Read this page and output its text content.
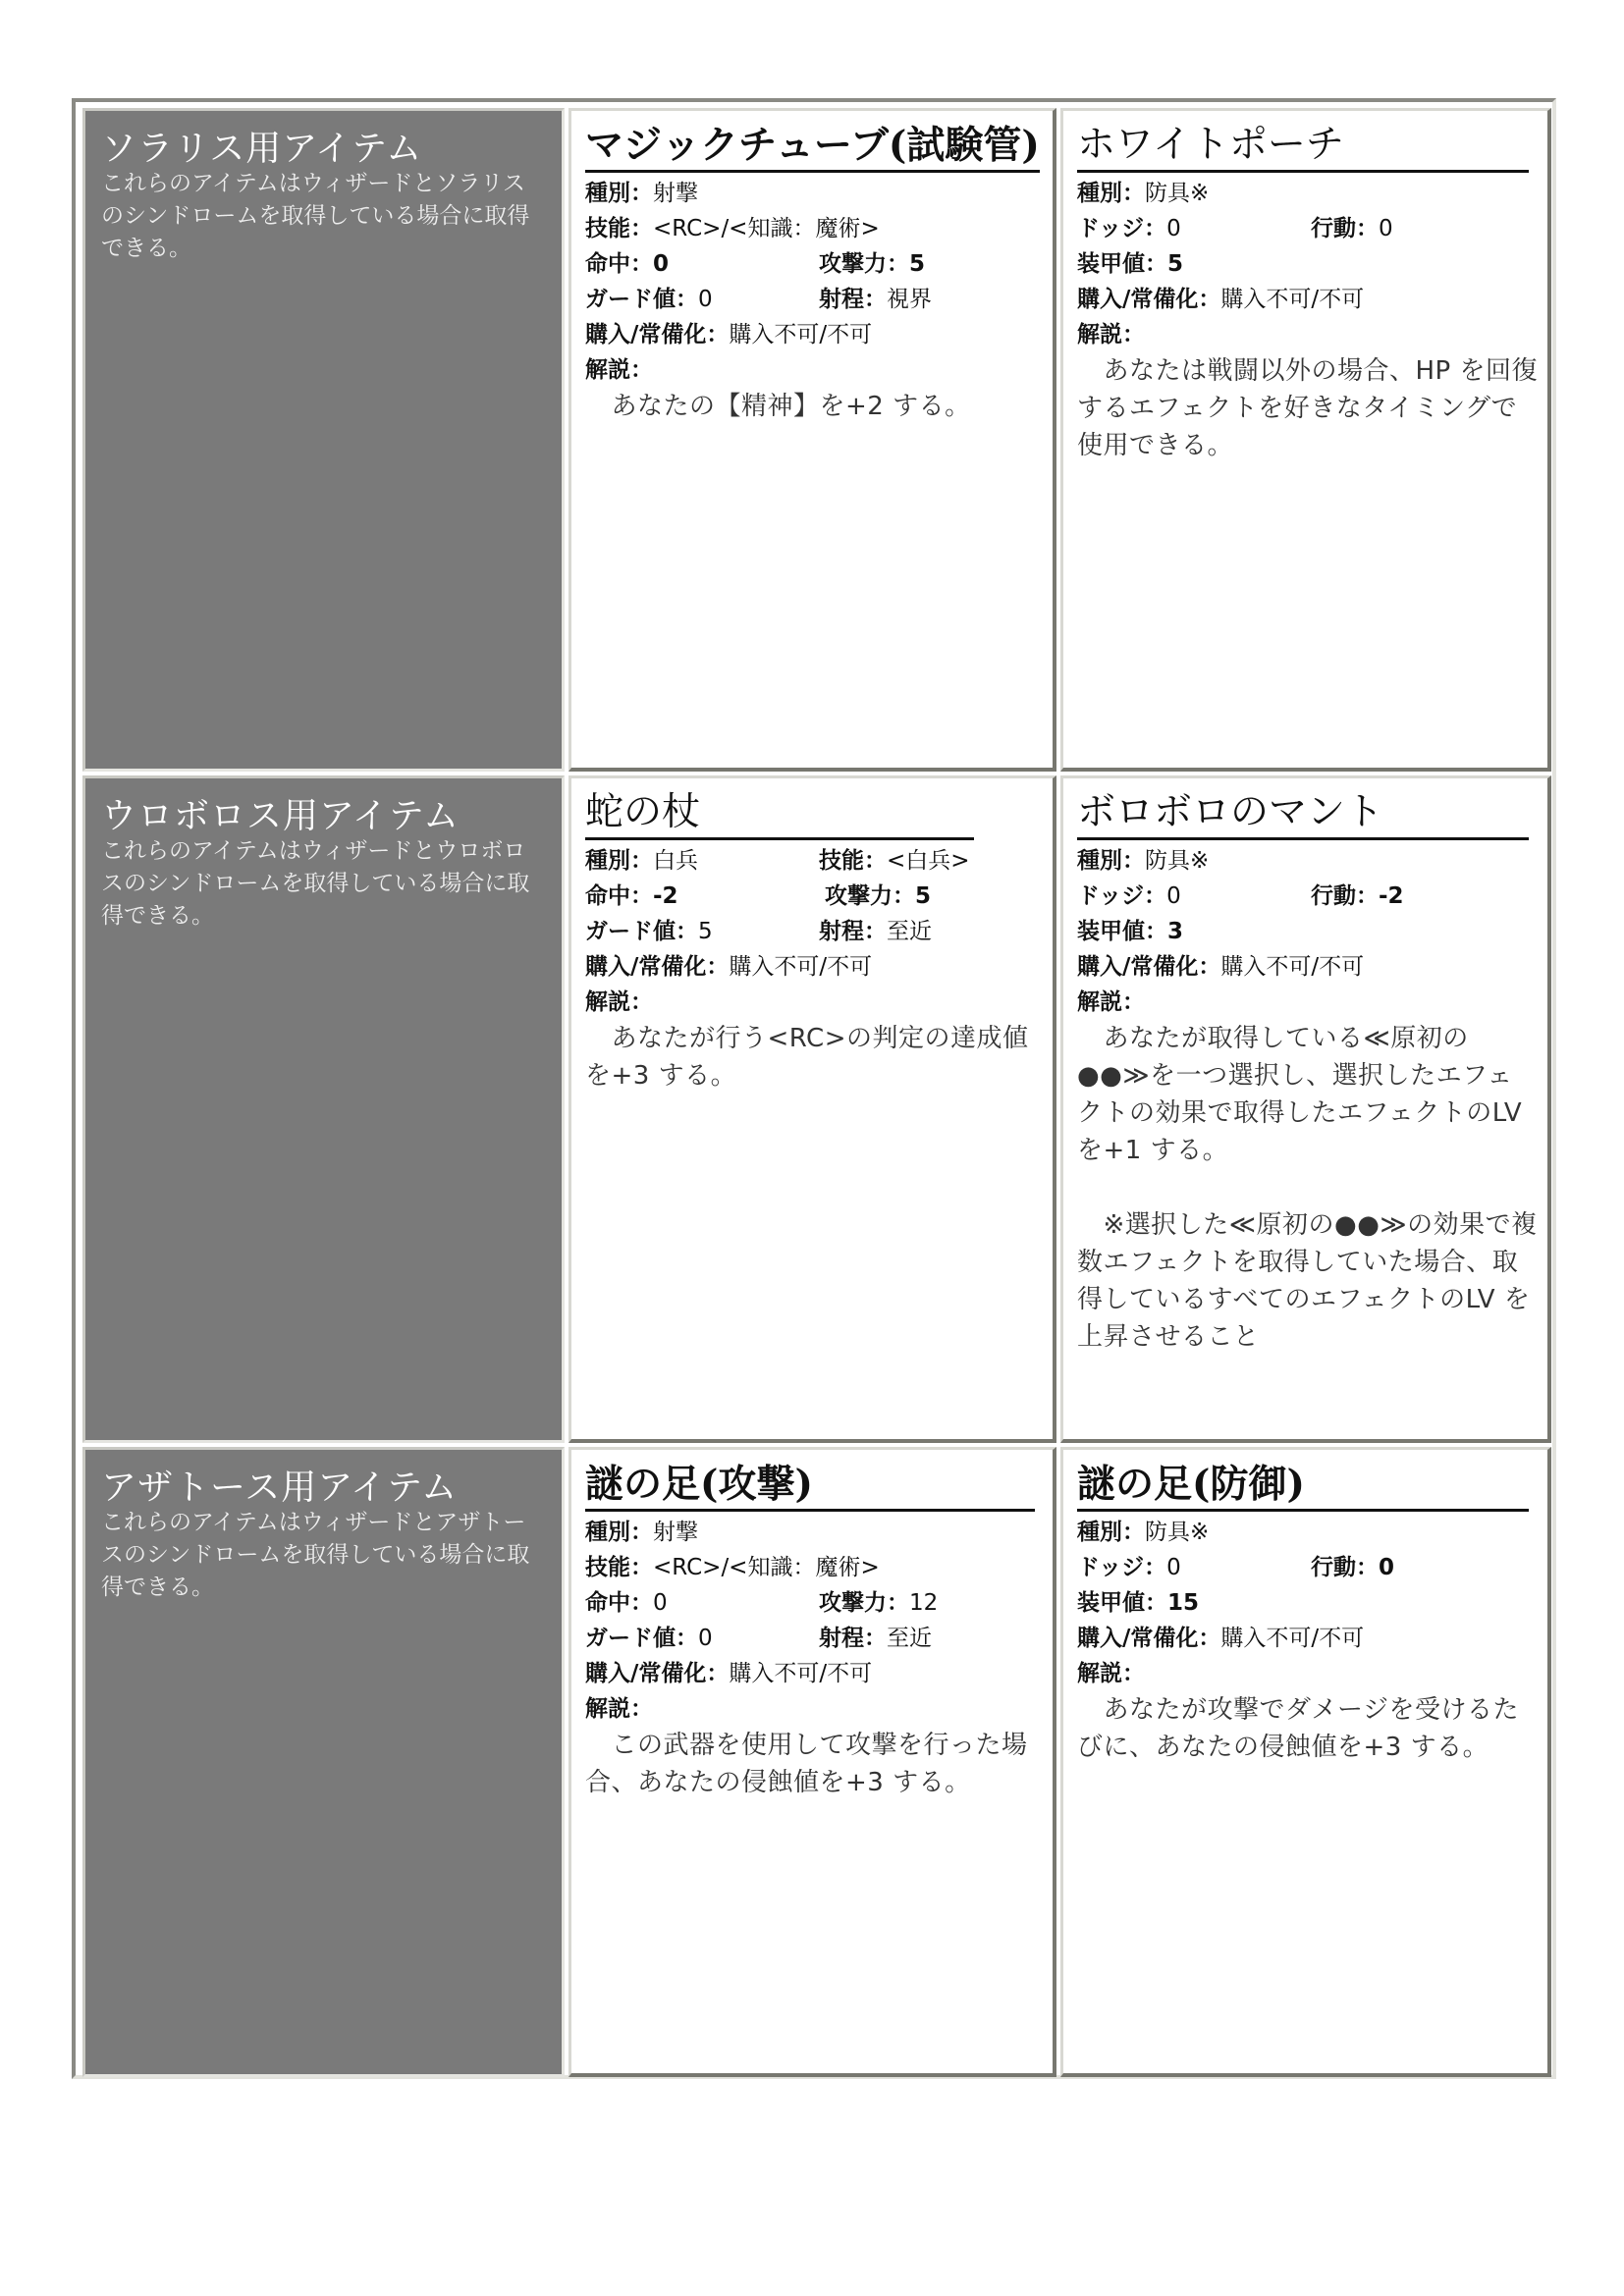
ソラリス用アイテム
これらのアイテムはウィザードとソラリスのシンドロームを取得している場合に取得できる。
マジックチューブ(試験管)
種別：射撃
技能：<RC>/<知識：魔術>
命中：0	攻撃力：5
ガード値：0	射程：視界
購入/常備化：購入不可/不可
解説：
　あなたの【精神】を+2 する。
ホワイトポーチ
種別：防具※
ドッジ：0	行動：0
装甲値：5
購入/常備化：購入不可/不可
解説：
　あなたは戦闘以外の場合、HP を回復するエフェクトを好きなタイミングで使用できる。
ウロボロス用アイテム
これらのアイテムはウィザードとウロボロスのシンドロームを取得している場合に取得できる。
蛇の杖
種別：白兵	技能：<白兵>
命中：-2	攻撃力：5
ガード値：5	射程：至近
購入/常備化：購入不可/不可
解説：
　あなたが行う<RC>の判定の達成値を+3 する。
ボロボロのマント
種別：防具※
ドッジ：0	行動：-2
装甲値：3
購入/常備化：購入不可/不可
解説：
　あなたが取得している≪原初の●●≫を一つ選択し、選択したエフェクトの効果で取得したエフェクトのLV を+1 する。

　※選択した≪原初の●●≫の効果で複数エフェクトを取得していた場合、取得しているすべてのエフェクトのLV を上昇させること
アザトース用アイテム
これらのアイテムはウィザードとアザトースのシンドロームを取得している場合に取得できる。
謎の足(攻撃)
種別：射撃
技能：<RC>/<知識：魔術>
命中：0	攻撃力：12
ガード値：0	射程：至近
購入/常備化：購入不可/不可
解説：
　この武器を使用して攻撃を行った場合、あなたの侵蝕値を+3 する。
謎の足(防御)
種別：防具※
ドッジ：0	行動：0
装甲値：15
購入/常備化：購入不可/不可
解説：
　あなたが攻撃でダメージを受けるたびに、あなたの侵蝕値を+3 する。
